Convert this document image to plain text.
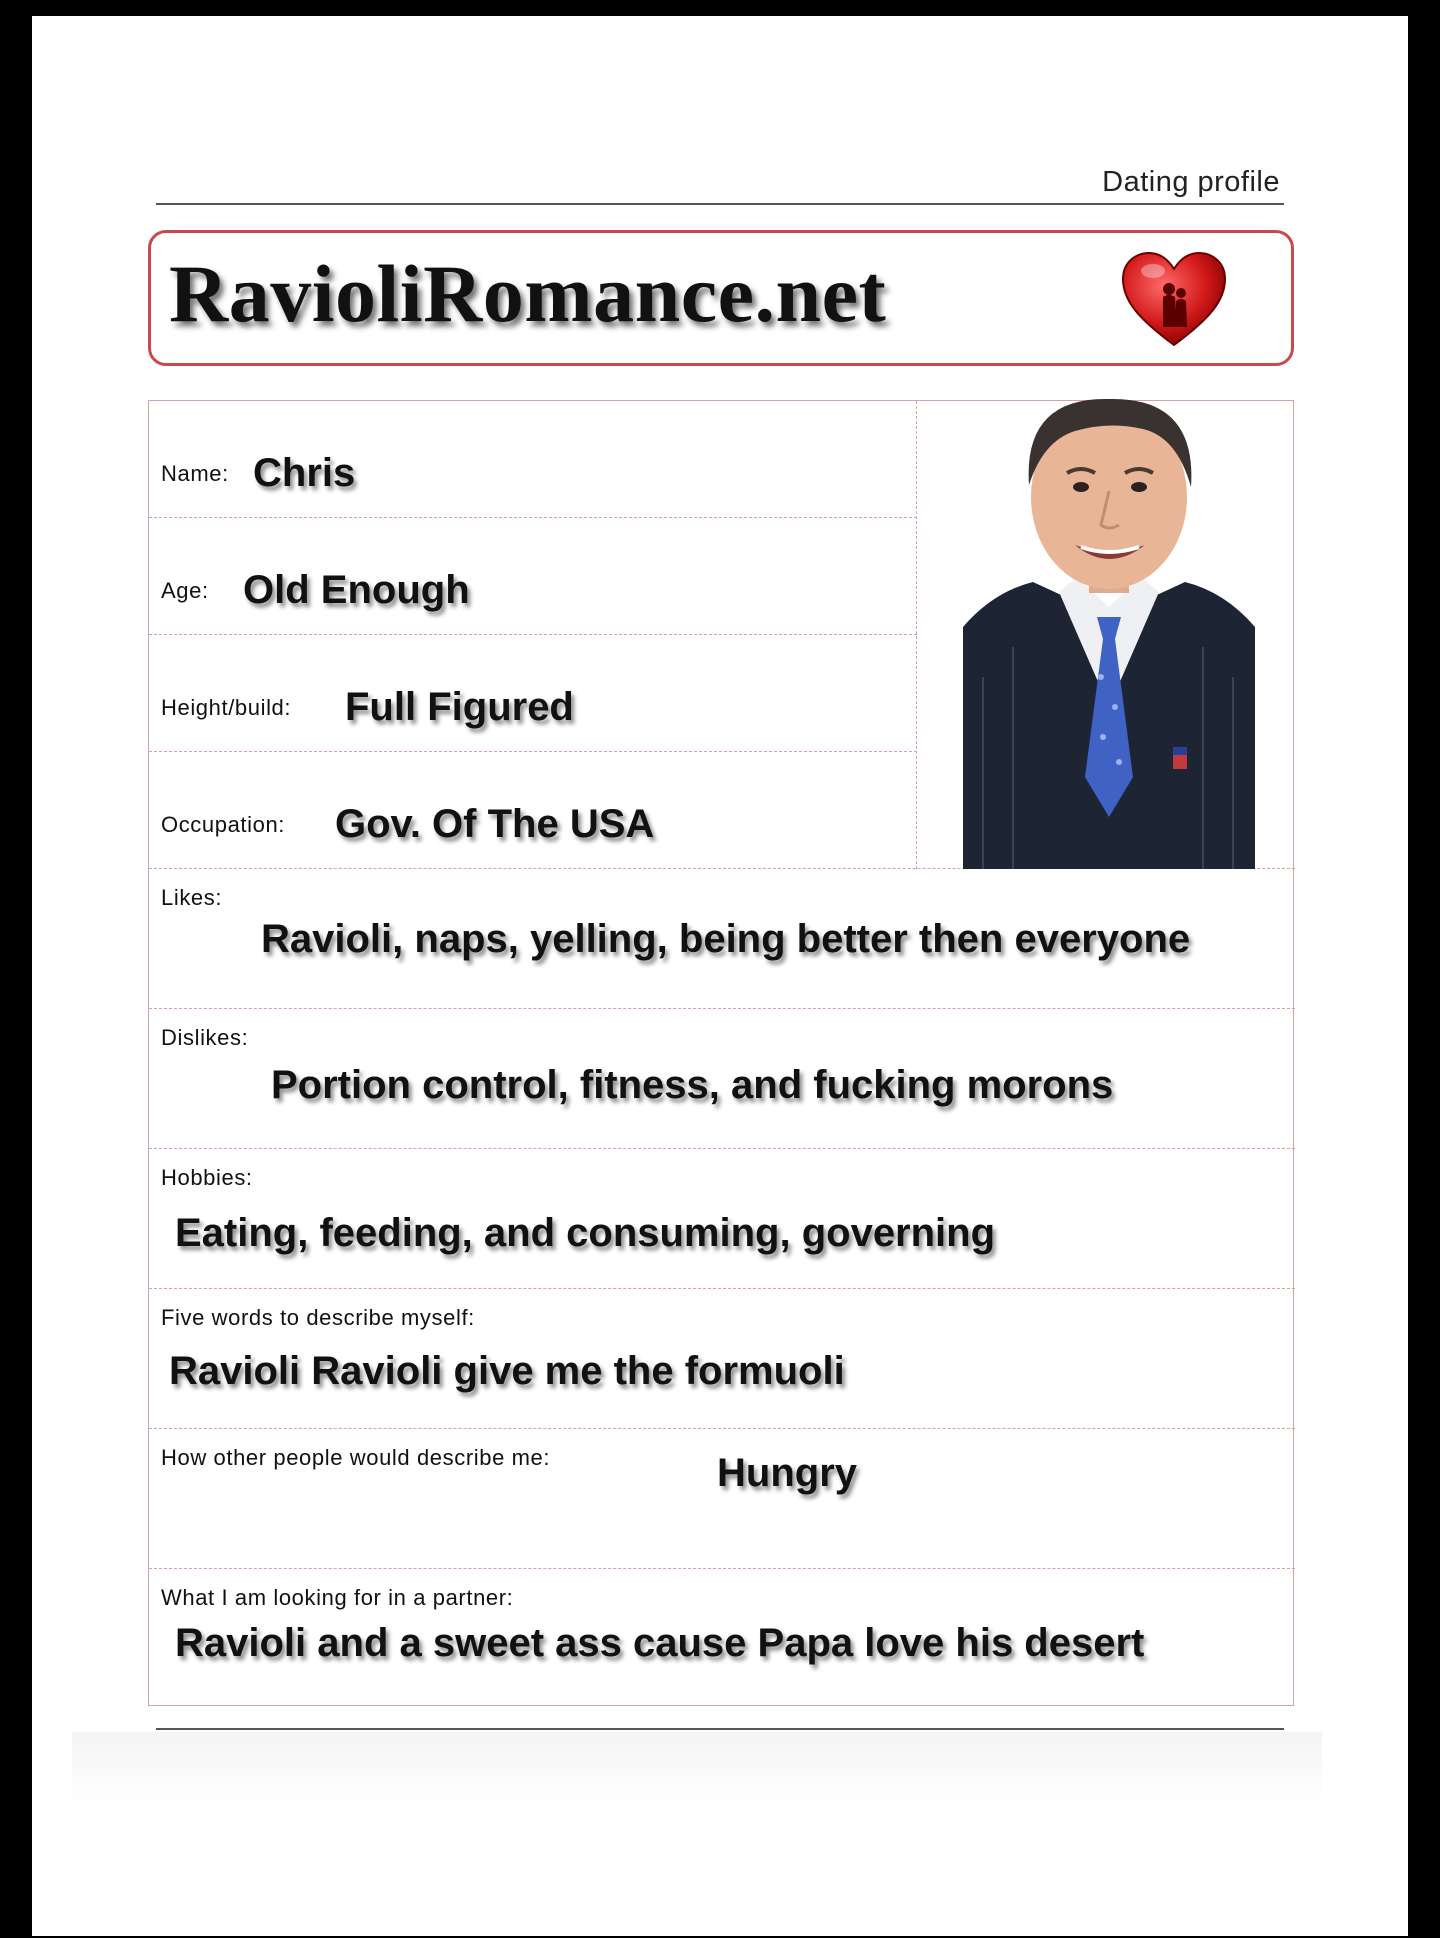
Dating profile
RavioliRomance.net
Name: Chris
Age: Old Enough
Height/build: Full Figured
Occupation: Gov. Of The USA
Likes:
Ravioli, naps, yelling, being better then everyone
Dislikes:
Portion control, fitness, and fucking morons
Hobbies:
Eating, feeding, and consuming, governing
Five words to describe myself:
Ravioli Ravioli give me the formuoli
How other people would describe me:	Hungry
What I am looking for in a partner:
Ravioli and a sweet ass cause Papa love his desert
